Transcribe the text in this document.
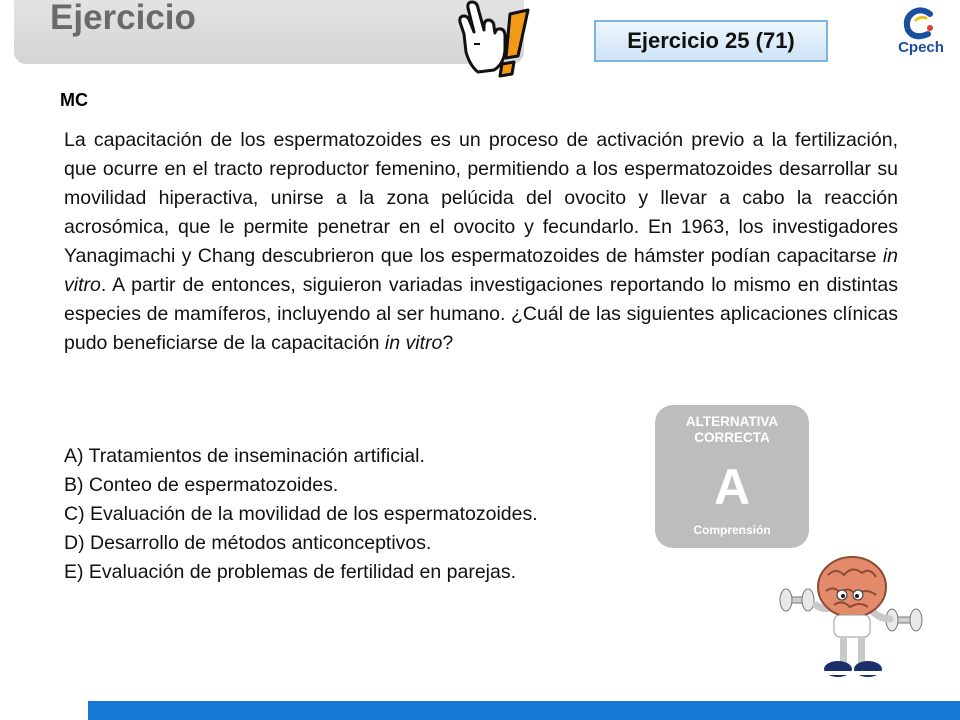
Ejercicio
Ejercicio 25 (71)	Cpech
MC
La capacitación de los espermatozoides es un proceso de activación previo a la fertilización, que ocurre en el tracto reproductor femenino, permitiendo a los espermatozoides desarrollar su movilidad hiperactiva, unirse a la zona pelúcida del ovocito y llevar a cabo la reacción acrosómica, que le permite penetrar en el ovocito y fecundarlo. En 1963, los investigadores Yanagimachi y Chang descubrieron que los espermatozoides de hámster podían capacitarse in vitro. A partir de entonces, siguieron variadas investigaciones reportando lo mismo en distintas especies de mamíferos, incluyendo al ser humano. ¿Cuál de las siguientes aplicaciones clínicas pudo beneficiarse de la capacitación in vitro?
A) Tratamientos de inseminación artificial.
B) Conteo de espermatozoides.
C) Evaluación de la movilidad de los espermatozoides.
D) Desarrollo de métodos anticonceptivos.
E) Evaluación de problemas de fertilidad en parejas.
ALTERNATIVA
CORRECTA
A
Comprensión
